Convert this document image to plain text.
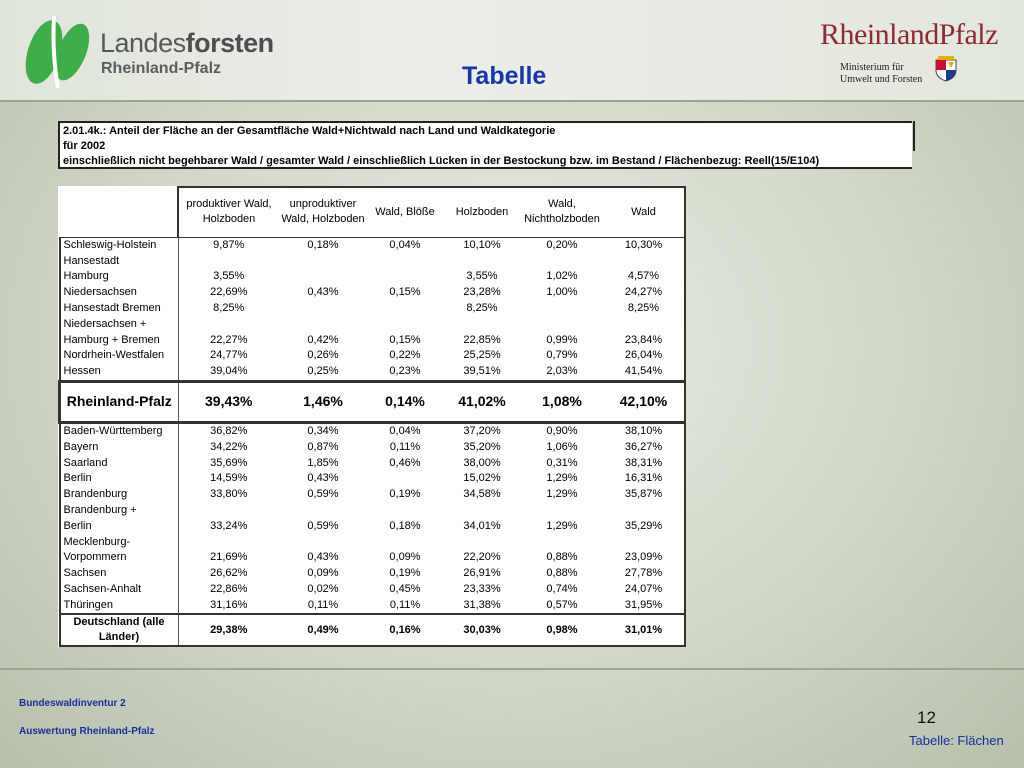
Landesforsten
Rheinland-Pfalz	Tabelle
RheinlandPfalz
Ministerium für
Umwelt und Forsten
2.01.4k.: Anteil der Fläche an der Gesamtfläche Wald+Nichtwald nach Land und Waldkategorie
für 2002
einschließlich nicht begehbarer Wald / gesamter Wald / einschließlich Lücken in der Bestockung bzw. im Bestand / Flächenbezug: Reell(15/E104)
	produktiver Wald, Holzboden	unproduktiver Wald, Holzboden	Wald, Blöße	Holzboden	Wald, Nichtholzboden	Wald
Schleswig-Holstein	9,87%	0,18%	0,04%	10,10%	0,20%	10,30%
Hansestadt						
Hamburg	3,55%			3,55%	1,02%	4,57%
Niedersachsen	22,69%	0,43%	0,15%	23,28%	1,00%	24,27%
Hansestadt Bremen	8,25%			8,25%		8,25%
Niedersachsen +						
Hamburg + Bremen	22,27%	0,42%	0,15%	22,85%	0,99%	23,84%
Nordrhein-Westfalen	24,77%	0,26%	0,22%	25,25%	0,79%	26,04%
Hessen	39,04%	0,25%	0,23%	39,51%	2,03%	41,54%
Rheinland-Pfalz	39,43%	1,46%	0,14%	41,02%	1,08%	42,10%
Baden-Württemberg	36,82%	0,34%	0,04%	37,20%	0,90%	38,10%
Bayern	34,22%	0,87%	0,11%	35,20%	1,06%	36,27%
Saarland	35,69%	1,85%	0,46%	38,00%	0,31%	38,31%
Berlin	14,59%	0,43%		15,02%	1,29%	16,31%
Brandenburg	33,80%	0,59%	0,19%	34,58%	1,29%	35,87%
Brandenburg +						
Berlin	33,24%	0,59%	0,18%	34,01%	1,29%	35,29%
Mecklenburg-						
Vorpommern	21,69%	0,43%	0,09%	22,20%	0,88%	23,09%
Sachsen	26,62%	0,09%	0,19%	26,91%	0,88%	27,78%
Sachsen-Anhalt	22,86%	0,02%	0,45%	23,33%	0,74%	24,07%
Thüringen	31,16%	0,11%	0,11%	31,38%	0,57%	31,95%
Deutschland (alle Länder)	29,38%	0,49%	0,16%	30,03%	0,98%	31,01%
Bundeswaldinventur 2
Auswertung Rheinland-Pfalz
12
Tabelle: Flächen
